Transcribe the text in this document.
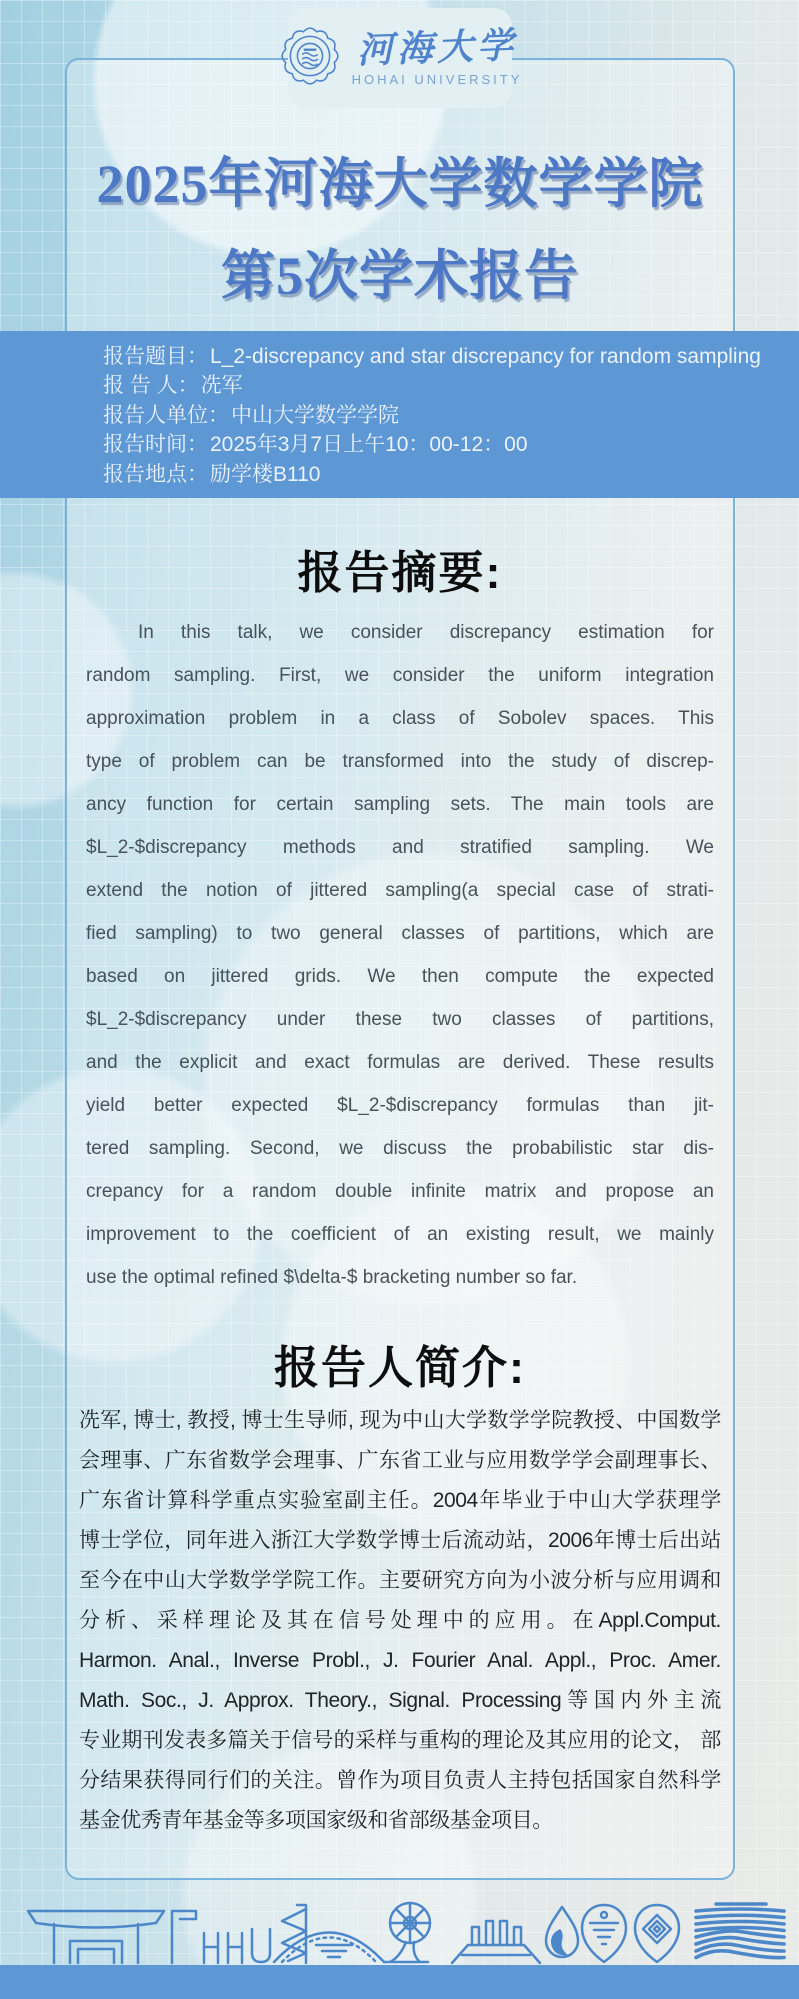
河海大学
HOHAI UNIVERSITY
2025年河海大学数学学院
第5次学术报告
报告题目：L_2-discrepancy and star discrepancy for random sampling
报 告 人：冼军
报告人单位：中山大学数学学院
报告时间：2025年3月7日上午10：00-12：00
报告地点：励学楼B110
报告摘要:
In this talk, we consider discrepancy estimation for
random sampling. First, we consider the uniform integration
approximation problem in a class of Sobolev spaces. This
type of problem can be transformed into the study of discrep-
ancy function for certain sampling sets. The main tools are
$L_2-$discrepancy methods and stratified sampling. We
extend the notion of jittered sampling(a special case of strati-
fied sampling) to two general classes of partitions, which are
based on jittered grids. We then compute the expected
$L_2-$discrepancy under these two classes of partitions,
and the explicit and exact formulas are derived. These results
yield better expected $L_2-$discrepancy formulas than jit-
tered sampling. Second, we discuss the probabilistic star dis-
crepancy for a random double infinite matrix and propose an
improvement to the coefficient of an existing result, we mainly
use the optimal refined $\delta-$ bracketing number so far.
报告人简介:
冼军, 博士, 教授, 博士生导师, 现为中山大学数学学院教授、中国数学
会理事、广东省数学会理事、广东省工业与应用数学学会副理事长、
广东省计算科学重点实验室副主任。2004年毕业于中山大学获理学
博士学位，同年进入浙江大学数学博士后流动站，2006年博士后出站
至今在中山大学数学学院工作。主要研究方向为小波分析与应用调和
分析、采样理论及其在信号处理中的应用。在Appl.Comput.
Harmon. Anal., Inverse Probl., J. Fourier Anal. Appl., Proc. Amer.
Math. Soc., J. Approx. Theory., Signal. Processing等国内外主流
专业期刊发表多篇关于信号的采样与重构的理论及其应用的论文， 部
分结果获得同行们的关注。曾作为项目负责人主持包括国家自然科学
基金优秀青年基金等多项国家级和省部级基金项目。
